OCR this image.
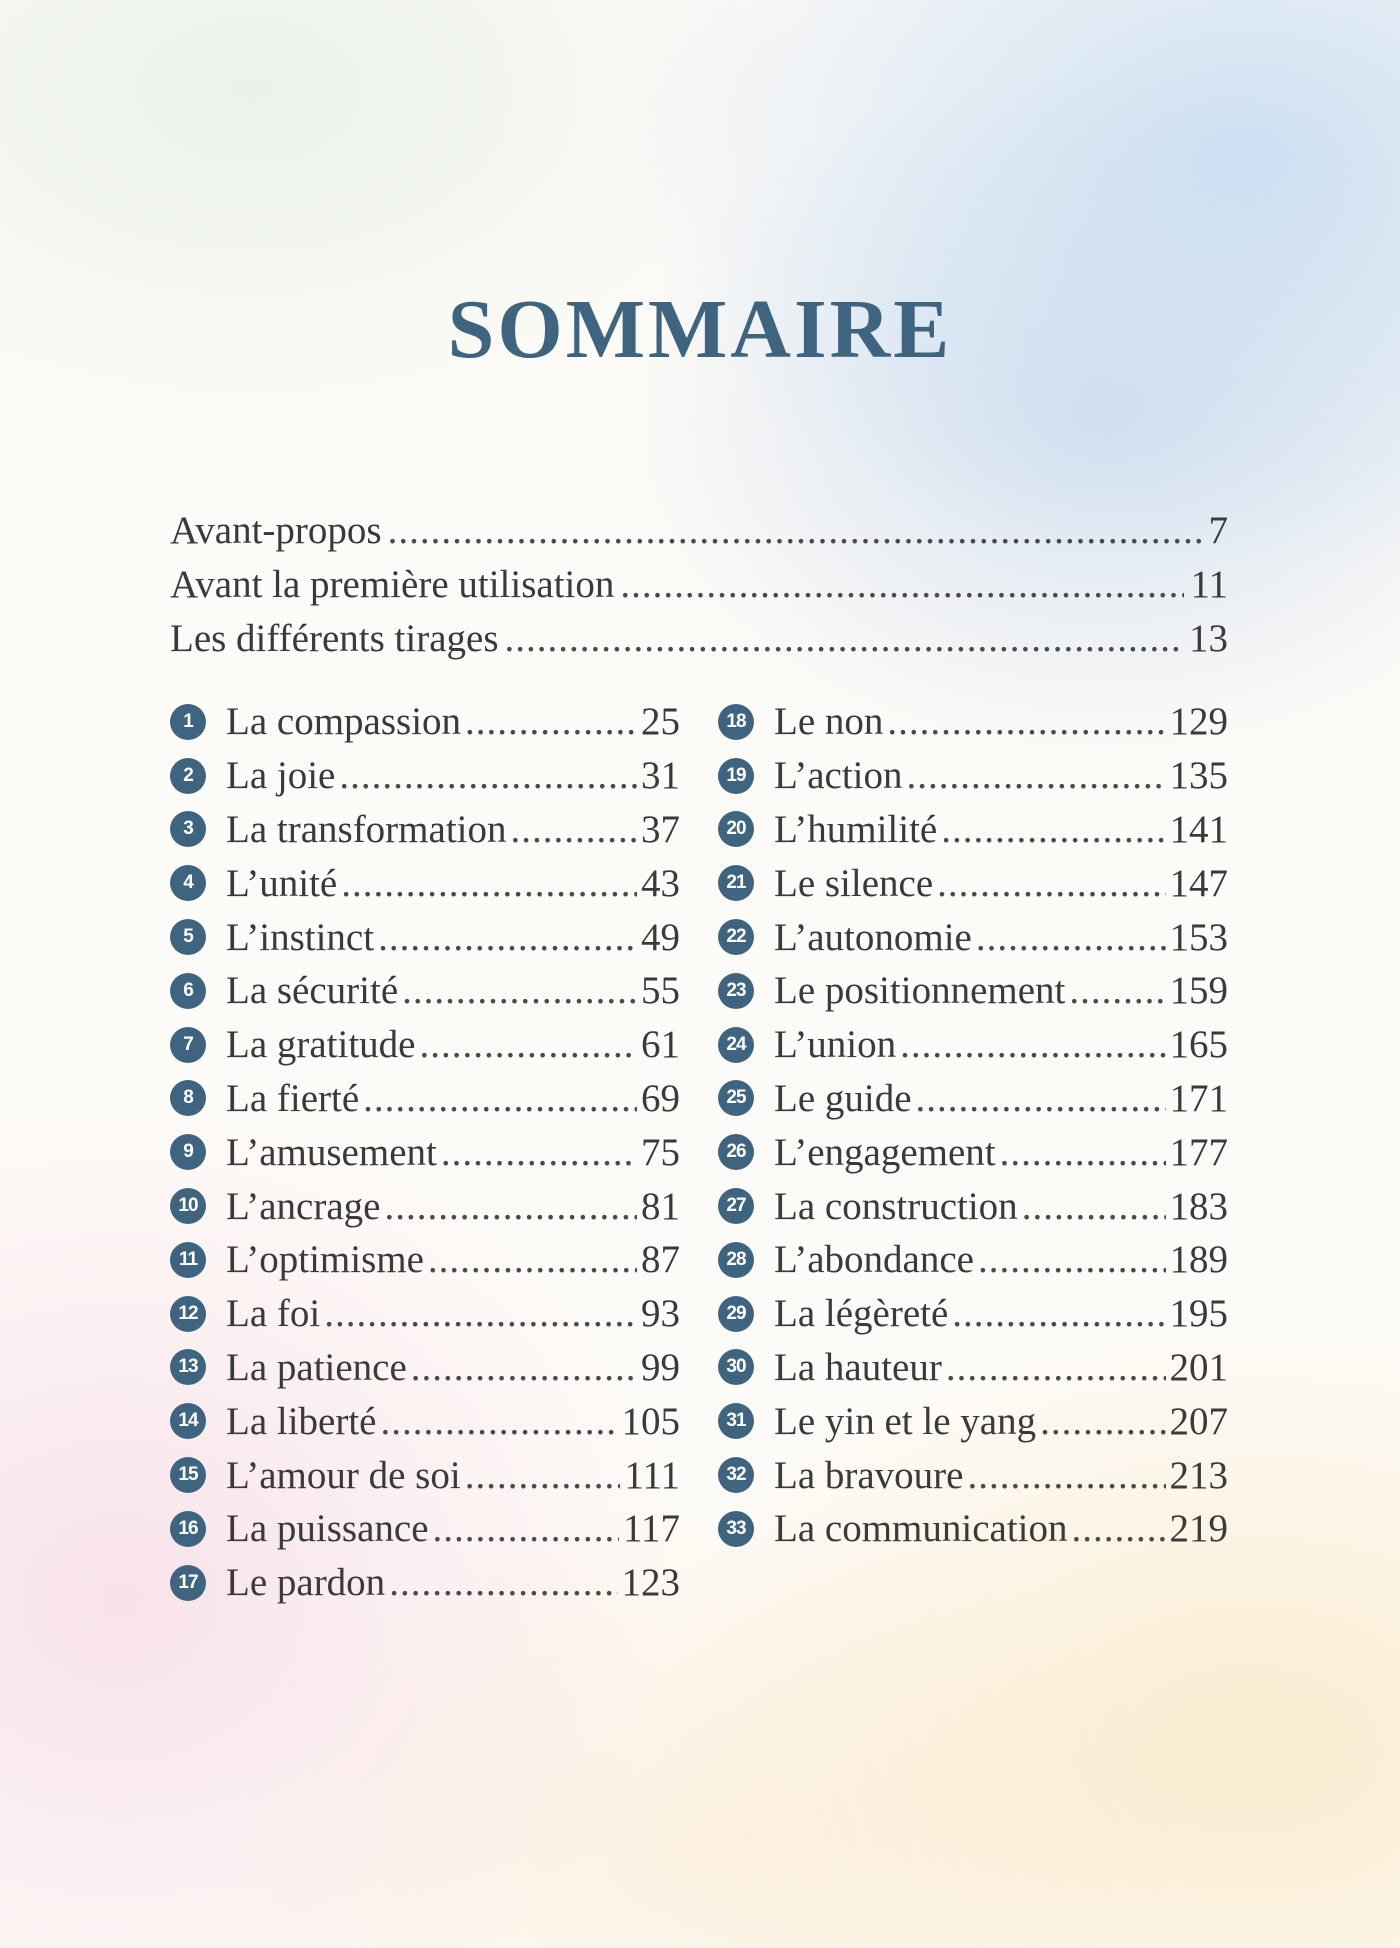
SOMMAIRE
Avant-propos .....	7
Avant la première utilisation .....	11
Les différents tirages .....	13
1 La compassion .....	25
2 La joie .....	31
3 La transformation .....	37
4 L’unité .....	43
5 L’instinct .....	49
6 La sécurité .....	55
7 La gratitude .....	61
8 La fierté .....	69
9 L’amusement .....	75
10 L’ancrage .....	81
11 L’optimisme .....	87
12 La foi .....	93
13 La patience .....	99
14 La liberté .....	105
15 L’amour de soi .....	111
16 La puissance .....	117
17 Le pardon .....	123
18 Le non .....	129
19 L’action .....	135
20 L’humilité .....	141
21 Le silence .....	147
22 L’autonomie .....	153
23 Le positionnement .....	159
24 L’union .....	165
25 Le guide .....	171
26 L’engagement .....	177
27 La construction .....	183
28 L’abondance .....	189
29 La légèreté .....	195
30 La hauteur .....	201
31 Le yin et le yang .....	207
32 La bravoure .....	213
33 La communication .....	219
